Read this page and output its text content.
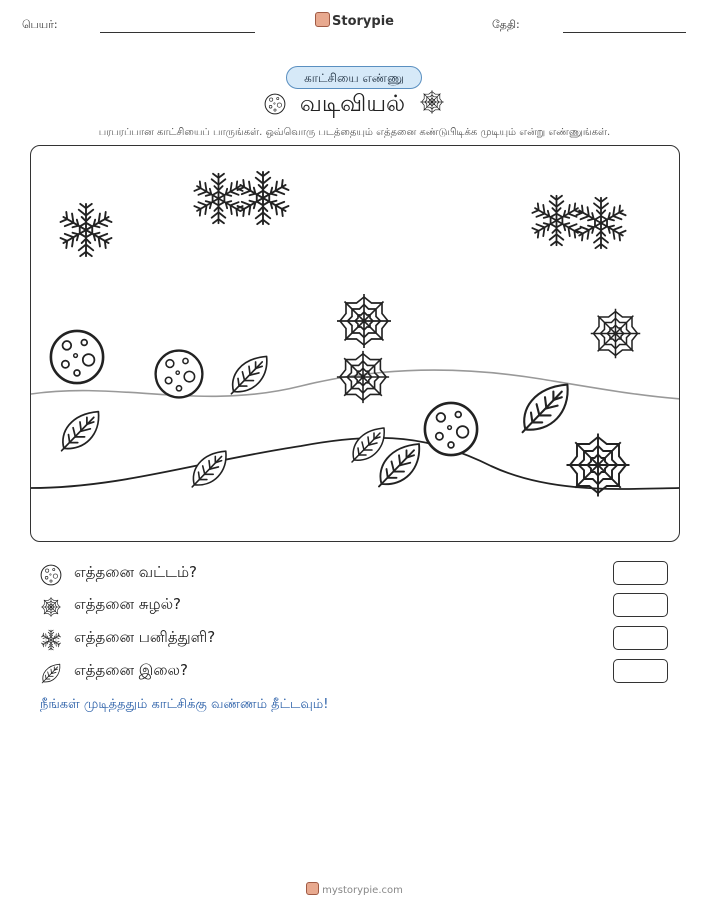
பெயர்:	Storypie	தேதி:
காட்சியை எண்ணு
வடிவியல்
பரபரப்பான காட்சியைப் பாருங்கள். ஒவ்வொரு படத்தையும் எத்தனை கண்டுபிடிக்க முடியும் என்று எண்ணுங்கள்.
எத்தனை வட்டம்?
எத்தனை சுழல்?
எத்தனை பனித்துளி?
எத்தனை இலை?
நீங்கள் முடித்ததும் காட்சிக்கு வண்ணம் தீட்டவும்!
mystorypie.com
